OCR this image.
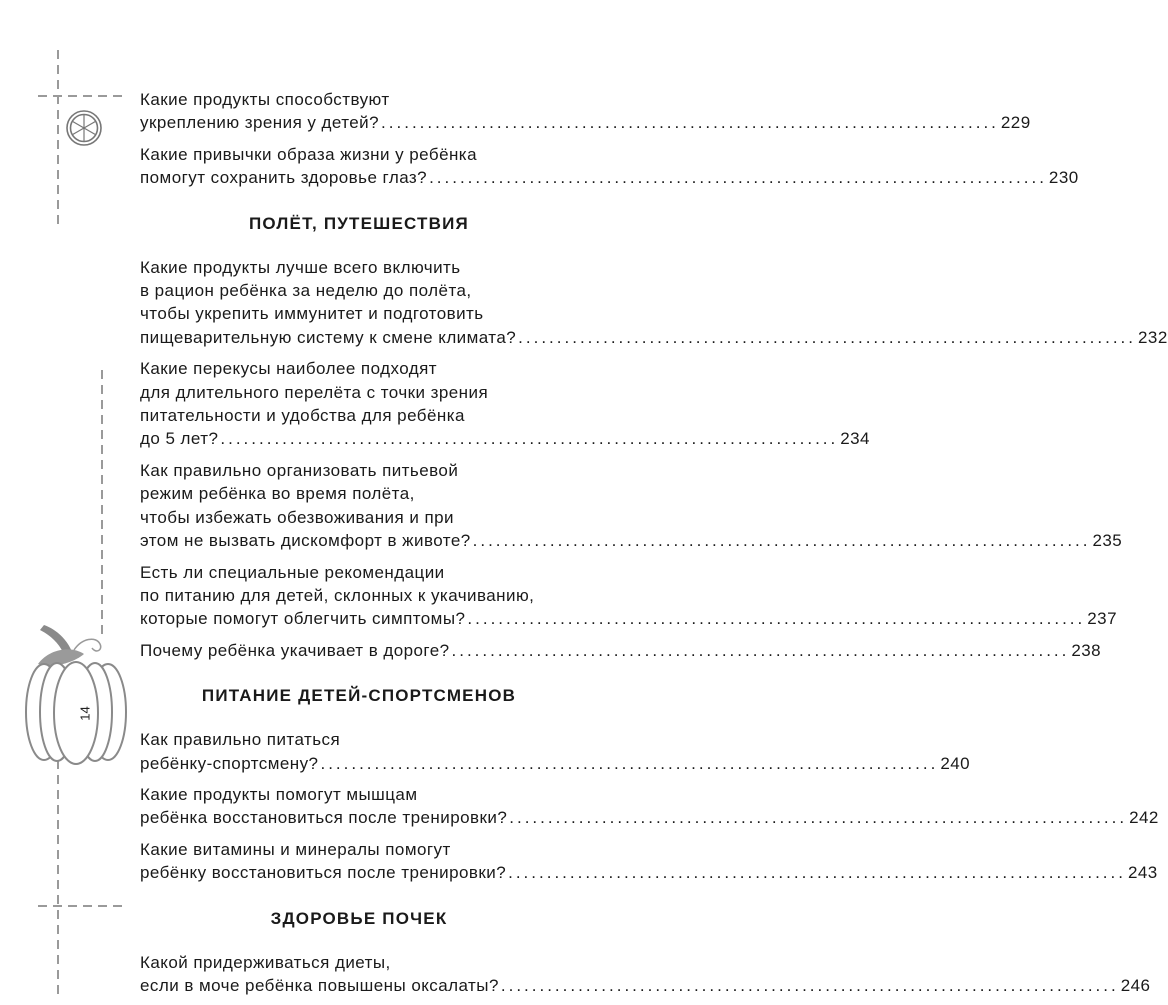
14
Какие продукты способствуют
укреплению зрения у детей? ................................................................................ 229
Какие привычки образа жизни у ребёнка
помогут сохранить здоровье глаз? ................................................................................ 230
ПОЛЁТ, ПУТЕШЕСТВИЯ
Какие продукты лучше всего включить
в рацион ребёнка за неделю до полёта,
чтобы укрепить иммунитет и подготовить
пищеварительную систему к смене климата? ................................................................................ 232
Какие перекусы наиболее подходят
для длительного перелёта с точки зрения
питательности и удобства для ребёнка
до 5 лет? ................................................................................ 234
Как правильно организовать питьевой
режим ребёнка во время полёта,
чтобы избежать обезвоживания и при
этом не вызвать дискомфорт в животе? ................................................................................ 235
Есть ли специальные рекомендации
по питанию для детей, склонных к укачиванию,
которые помогут облегчить симптомы? ................................................................................ 237
Почему ребёнка укачивает в дороге? ................................................................................ 238
ПИТАНИЕ ДЕТЕЙ-СПОРТСМЕНОВ
Как правильно питаться
ребёнку-спортсмену? ................................................................................ 240
Какие продукты помогут мышцам
ребёнка восстановиться после тренировки? ................................................................................ 242
Какие витамины и минералы помогут
ребёнку восстановиться после тренировки? ................................................................................ 243
ЗДОРОВЬЕ ПОЧЕК
Какой придерживаться диеты,
если в моче ребёнка повышены оксалаты? ................................................................................ 246
